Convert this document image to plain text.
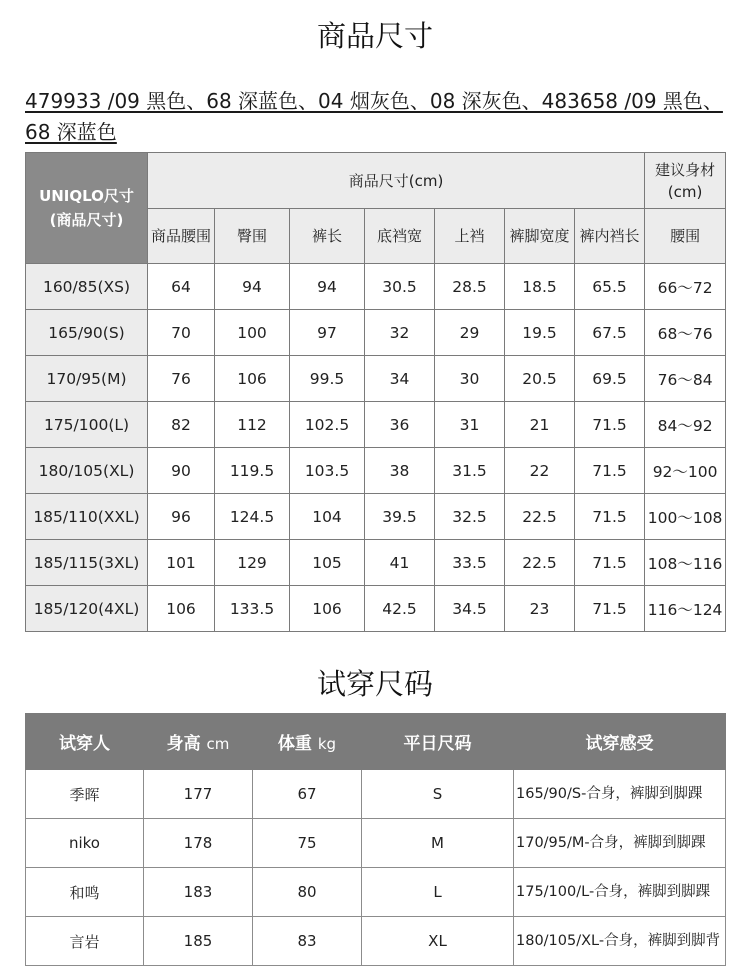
商品尺寸
479933 /09 黑色、68 深蓝色、04 烟灰色、08 深灰色、483658 /09 黑色、68 深蓝色
UNIQLO尺寸
(商品尺寸)	商品尺寸(cm)							建议身材
(cm)
	商品腰围	臀围	裤长	底裆宽	上裆	裤脚宽度	裤内裆长	腰围
160/85(XS)	64	94	94	30.5	28.5	18.5	65.5	66～72
165/90(S)	70	100	97	32	29	19.5	67.5	68～76
170/95(M)	76	106	99.5	34	30	20.5	69.5	76～84
175/100(L)	82	112	102.5	36	31	21	71.5	84～92
180/105(XL)	90	119.5	103.5	38	31.5	22	71.5	92～100
185/110(XXL)	96	124.5	104	39.5	32.5	22.5	71.5	100～108
185/115(3XL)	101	129	105	41	33.5	22.5	71.5	108～116
185/120(4XL)	106	133.5	106	42.5	34.5	23	71.5	116～124
试穿尺码
试穿人	身高 cm	体重 kg	平日尺码	试穿感受
季晖	177	67	S	165/90/S-合身，裤脚到脚踝
niko	178	75	M	170/95/M-合身，裤脚到脚踝
和鸣	183	80	L	175/100/L-合身，裤脚到脚踝
言岩	185	83	XL	180/105/XL-合身，裤脚到脚背
